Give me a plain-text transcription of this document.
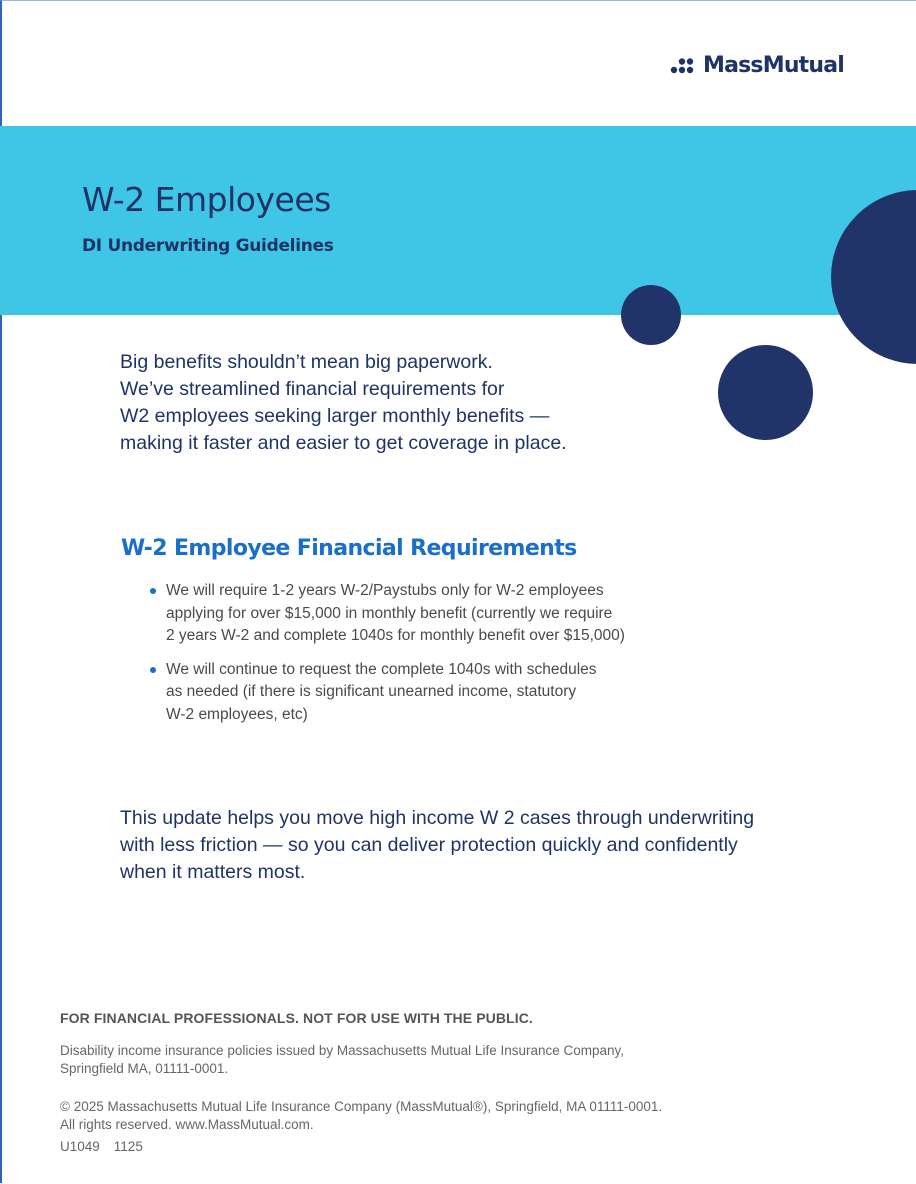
MassMutual
W-2 Employees
DI Underwriting Guidelines
Big benefits shouldn’t mean big paperwork.
We’ve streamlined financial requirements for
W2 employees seeking larger monthly benefits —
making it faster and easier to get coverage in place.
W-2 Employee Financial Requirements
We will require 1-2 years W-2/Paystubs only for W-2 employees
applying for over $15,000 in monthly benefit (currently we require
2 years W-2 and complete 1040s for monthly benefit over $15,000)
We will continue to request the complete 1040s with schedules
as needed (if there is significant unearned income, statutory
W-2 employees, etc)
This update helps you move high income W 2 cases through underwriting
with less friction — so you can deliver protection quickly and confidently
when it matters most.
FOR FINANCIAL PROFESSIONALS. NOT FOR USE WITH THE PUBLIC.
Disability income insurance policies issued by Massachusetts Mutual Life Insurance Company,
Springfield MA, 01111-0001.
© 2025 Massachusetts Mutual Life Insurance Company (MassMutual®), Springfield, MA 01111-0001.
All rights reserved. www.MassMutual.com.
U1049 1125
